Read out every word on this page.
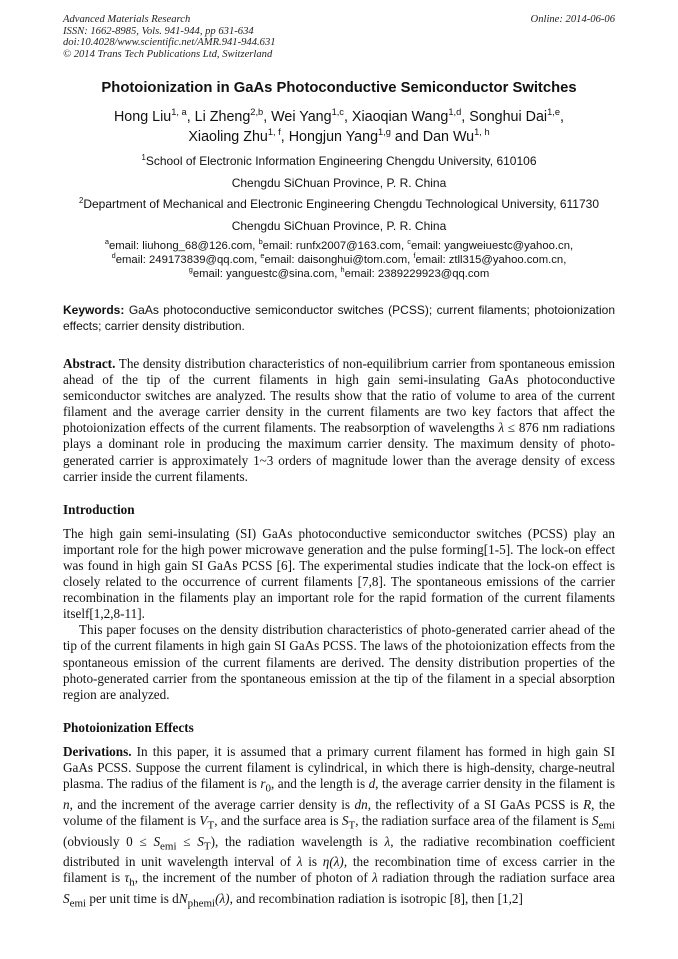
Advanced Materials Research
ISSN: 1662-8985, Vols. 941-944, pp 631-634
doi:10.4028/www.scientific.net/AMR.941-944.631
© 2014 Trans Tech Publications Ltd, Switzerland
Online: 2014-06-06
Photoionization in GaAs Photoconductive Semiconductor Switches
Hong Liu$^{1, a}$, Li Zheng$^{2,b}$, Wei Yang$^{1,c}$, Xiaoqian Wang$^{1,d}$, Songhui Dai$^{1,e}$,
Xiaoling Zhu$^{1, f}$, Hongjun Yang$^{1,g}$ and Dan Wu$^{1, h}$
$^1$School of Electronic Information Engineering Chengdu University, 610106
Chengdu SiChuan Province, P. R. China
$^2$Department of Mechanical and Electronic Engineering Chengdu Technological University, 611730
Chengdu SiChuan Province, P. R. China
$^a$email: liuhong_68@126.com, $^b$email: runfx2007@163.com, $^c$email: yangweiuestc@yahoo.cn,
$^d$email: 249173839@qq.com, $^e$email: daisonghui@tom.com, $^f$email: ztll315@yahoo.com.cn,
$^g$email: yanguestc@sina.com, $^h$email: 2389229923@qq.com
Keywords: GaAs photoconductive semiconductor switches (PCSS); current filaments; photoionization effects; carrier density distribution.

Abstract. The density distribution characteristics of non-equilibrium carrier from spontaneous emission ahead of the tip of the current filaments in high gain semi-insulating GaAs photoconductive semiconductor switches are analyzed. The results show that the ratio of volume to area of the current filament and the average carrier density in the current filaments are two key factors that affect the photoionization effects of the current filaments. The reabsorption of wavelengths λ ≤ 876 nm radiations plays a dominant role in producing the maximum carrier density. The maximum density of photo-generated carrier is approximately 1~3 orders of magnitude lower than the average density of excess carrier inside the current filaments.

Introduction

The high gain semi-insulating (SI) GaAs photoconductive semiconductor switches (PCSS) play an important role for the high power microwave generation and the pulse forming[1-5]. The lock-on effect was found in high gain SI GaAs PCSS [6]. The experimental studies indicate that the lock-on effect is closely related to the occurrence of current filaments [7,8]. The spontaneous emissions of the carrier recombination in the filaments play an important role for the rapid formation of the current filaments itself[1,2,8-11].

This paper focuses on the density distribution characteristics of photo-generated carrier ahead of the tip of the current filaments in high gain SI GaAs PCSS. The laws of the photoionization effects from the spontaneous emission of the current filaments are derived. The density distribution properties of the photo-generated carrier from the spontaneous emission at the tip of the filament in a special absorption region are analyzed.

Photoionization Effects

Derivations. In this paper, it is assumed that a primary current filament has formed in high gain SI GaAs PCSS. Suppose the current filament is cylindrical, in which there is high-density, charge-neutral plasma. The radius of the filament is $r_0$, and the length is d, the average carrier density in the filament is n, and the increment of the average carrier density is dn, the reflectivity of a SI GaAs PCSS is R, the volume of the filament is $V_T$, and the surface area is $S_T$, the radiation surface area of the filament is $S_{emi}$ (obviously $0 \le S_{emi} \le S_T$), the radiation wavelength is λ, the radiative recombination coefficient distributed in unit wavelength interval of λ is η(λ), the recombination time of excess carrier in the filament is $\tau_h$, the increment of the number of photon of λ radiation through the radiation surface area $S_{emi}$ per unit time is $dN_{phemi}(\lambda)$, and recombination radiation is isotropic [8], then [1,2]
